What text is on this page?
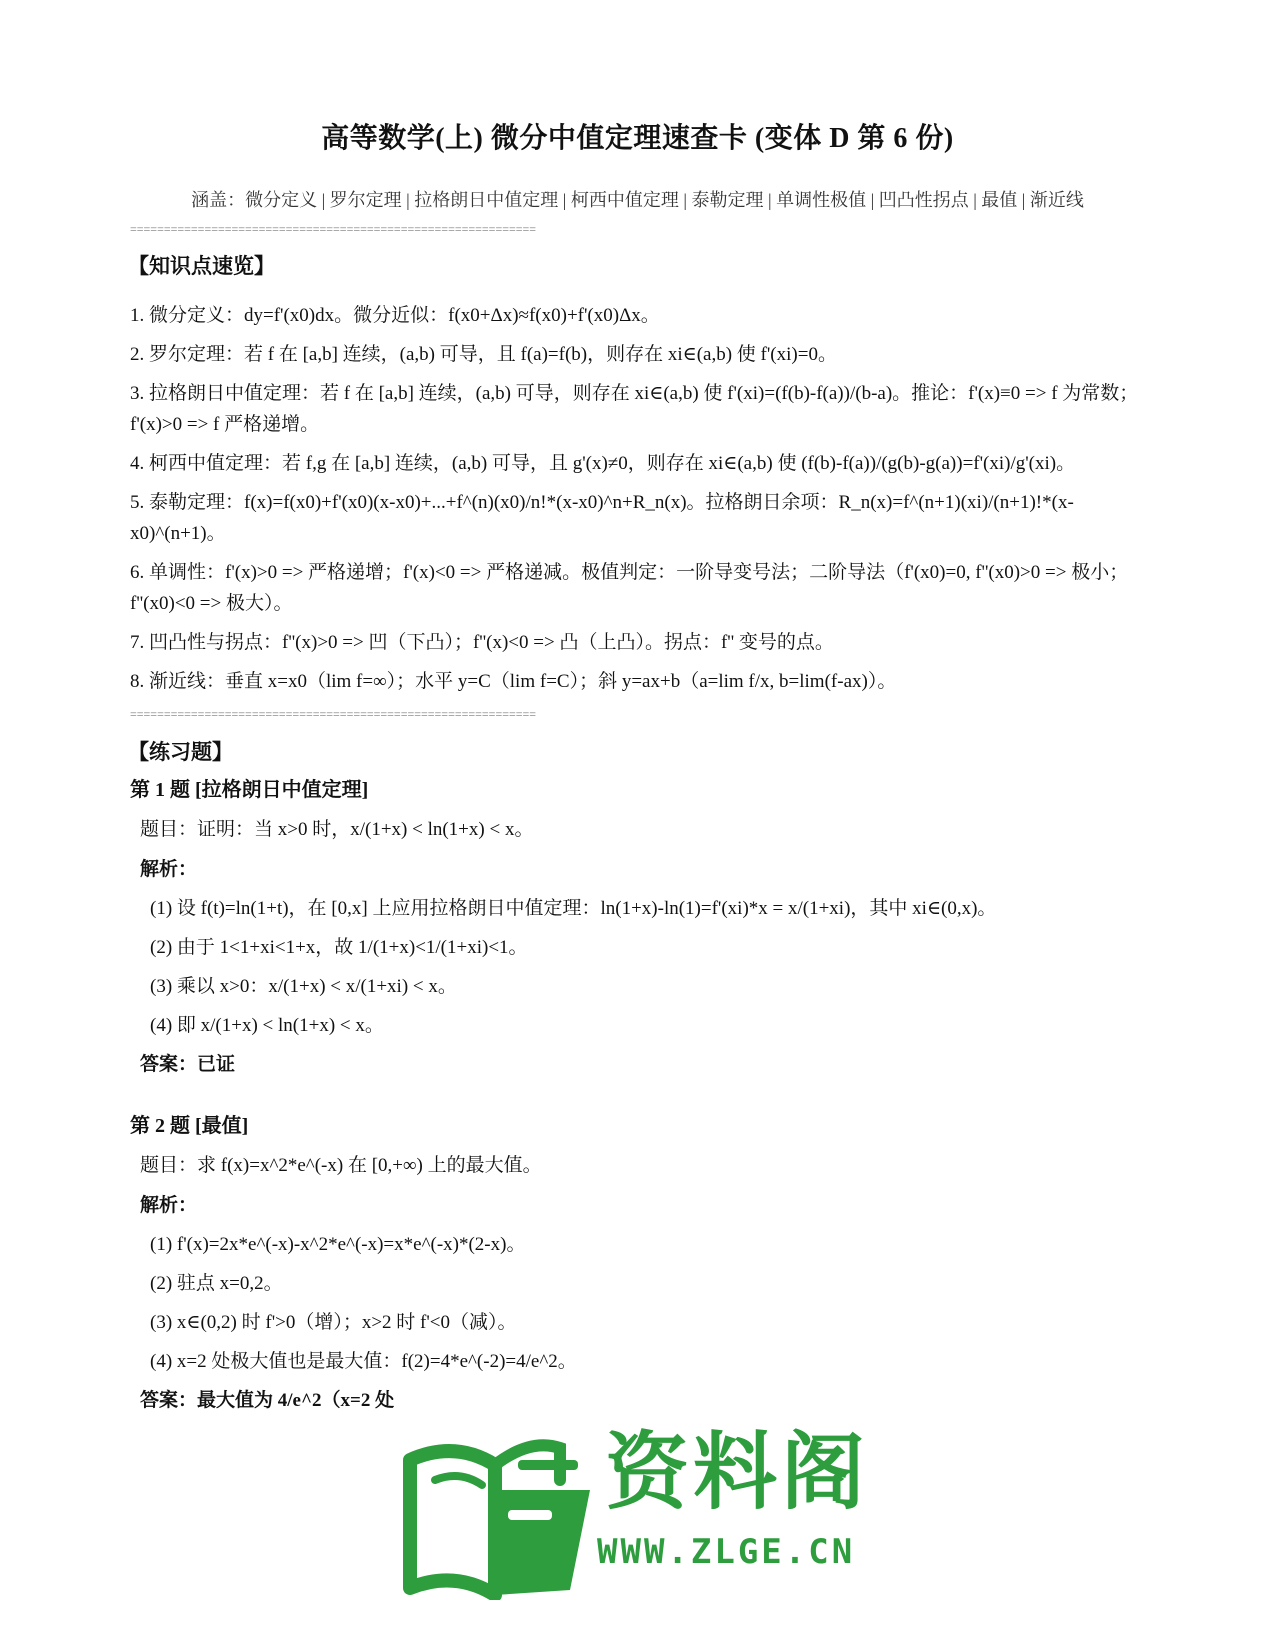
高等数学(上) 微分中值定理速查卡 (变体 D 第 6 份)
涵盖：微分定义 | 罗尔定理 | 拉格朗日中值定理 | 柯西中值定理 | 泰勒定理 | 单调性极值 | 凹凸性拐点 | 最值 | 渐近线
============================================================
【知识点速览】
1. 微分定义：dy=f'(x0)dx。微分近似：f(x0+Δx)≈f(x0)+f'(x0)Δx。
2. 罗尔定理：若 f 在 [a,b] 连续，(a,b) 可导，且 f(a)=f(b)，则存在 xi∈(a,b) 使 f'(xi)=0。
3. 拉格朗日中值定理：若 f 在 [a,b] 连续，(a,b) 可导，则存在 xi∈(a,b) 使 f'(xi)=(f(b)-f(a))/(b-a)。推论：f'(x)≡0 => f 为常数；f'(x)>0 => f 严格递增。
4. 柯西中值定理：若 f,g 在 [a,b] 连续，(a,b) 可导，且 g'(x)≠0，则存在 xi∈(a,b) 使 (f(b)-f(a))/(g(b)-g(a))=f'(xi)/g'(xi)。
5. 泰勒定理：f(x)=f(x0)+f'(x0)(x-x0)+...+f^(n)(x0)/n!*(x-x0)^n+R_n(x)。拉格朗日余项：R_n(x)=f^(n+1)(xi)/(n+1)!*(x-x0)^(n+1)。
6. 单调性：f'(x)>0 => 严格递增；f'(x)<0 => 严格递减。极值判定：一阶导变号法；二阶导法（f'(x0)=0, f''(x0)>0 => 极小；f''(x0)<0 => 极大）。
7. 凹凸性与拐点：f''(x)>0 => 凹（下凸）；f''(x)<0 => 凸（上凸）。拐点：f'' 变号的点。
8. 渐近线：垂直 x=x0（lim f=∞）；水平 y=C（lim f=C）；斜 y=ax+b（a=lim f/x, b=lim(f-ax)）。
============================================================
【练习题】
第 1 题 [拉格朗日中值定理]
题目：证明：当 x>0 时，x/(1+x) < ln(1+x) < x。
解析：
(1) 设 f(t)=ln(1+t)，在 [0,x] 上应用拉格朗日中值定理：ln(1+x)-ln(1)=f'(xi)*x = x/(1+xi)，其中 xi∈(0,x)。
(2) 由于 1<1+xi<1+x，故 1/(1+x)<1/(1+xi)<1。
(3) 乘以 x>0：x/(1+x) < x/(1+xi) < x。
(4) 即 x/(1+x) < ln(1+x) < x。
答案：已证
第 2 题 [最值]
题目：求 f(x)=x^2*e^(-x) 在 [0,+∞) 上的最大值。
解析：
(1) f'(x)=2x*e^(-x)-x^2*e^(-x)=x*e^(-x)*(2-x)。
(2) 驻点 x=0,2。
(3) x∈(0,2) 时 f'>0（增）；x>2 时 f'<0（减）。
(4) x=2 处极大值也是最大值：f(2)=4*e^(-2)=4/e^2。
答案：最大值为 4/e^2（x=2 处
资料阁
WWW.ZLGE.CN
